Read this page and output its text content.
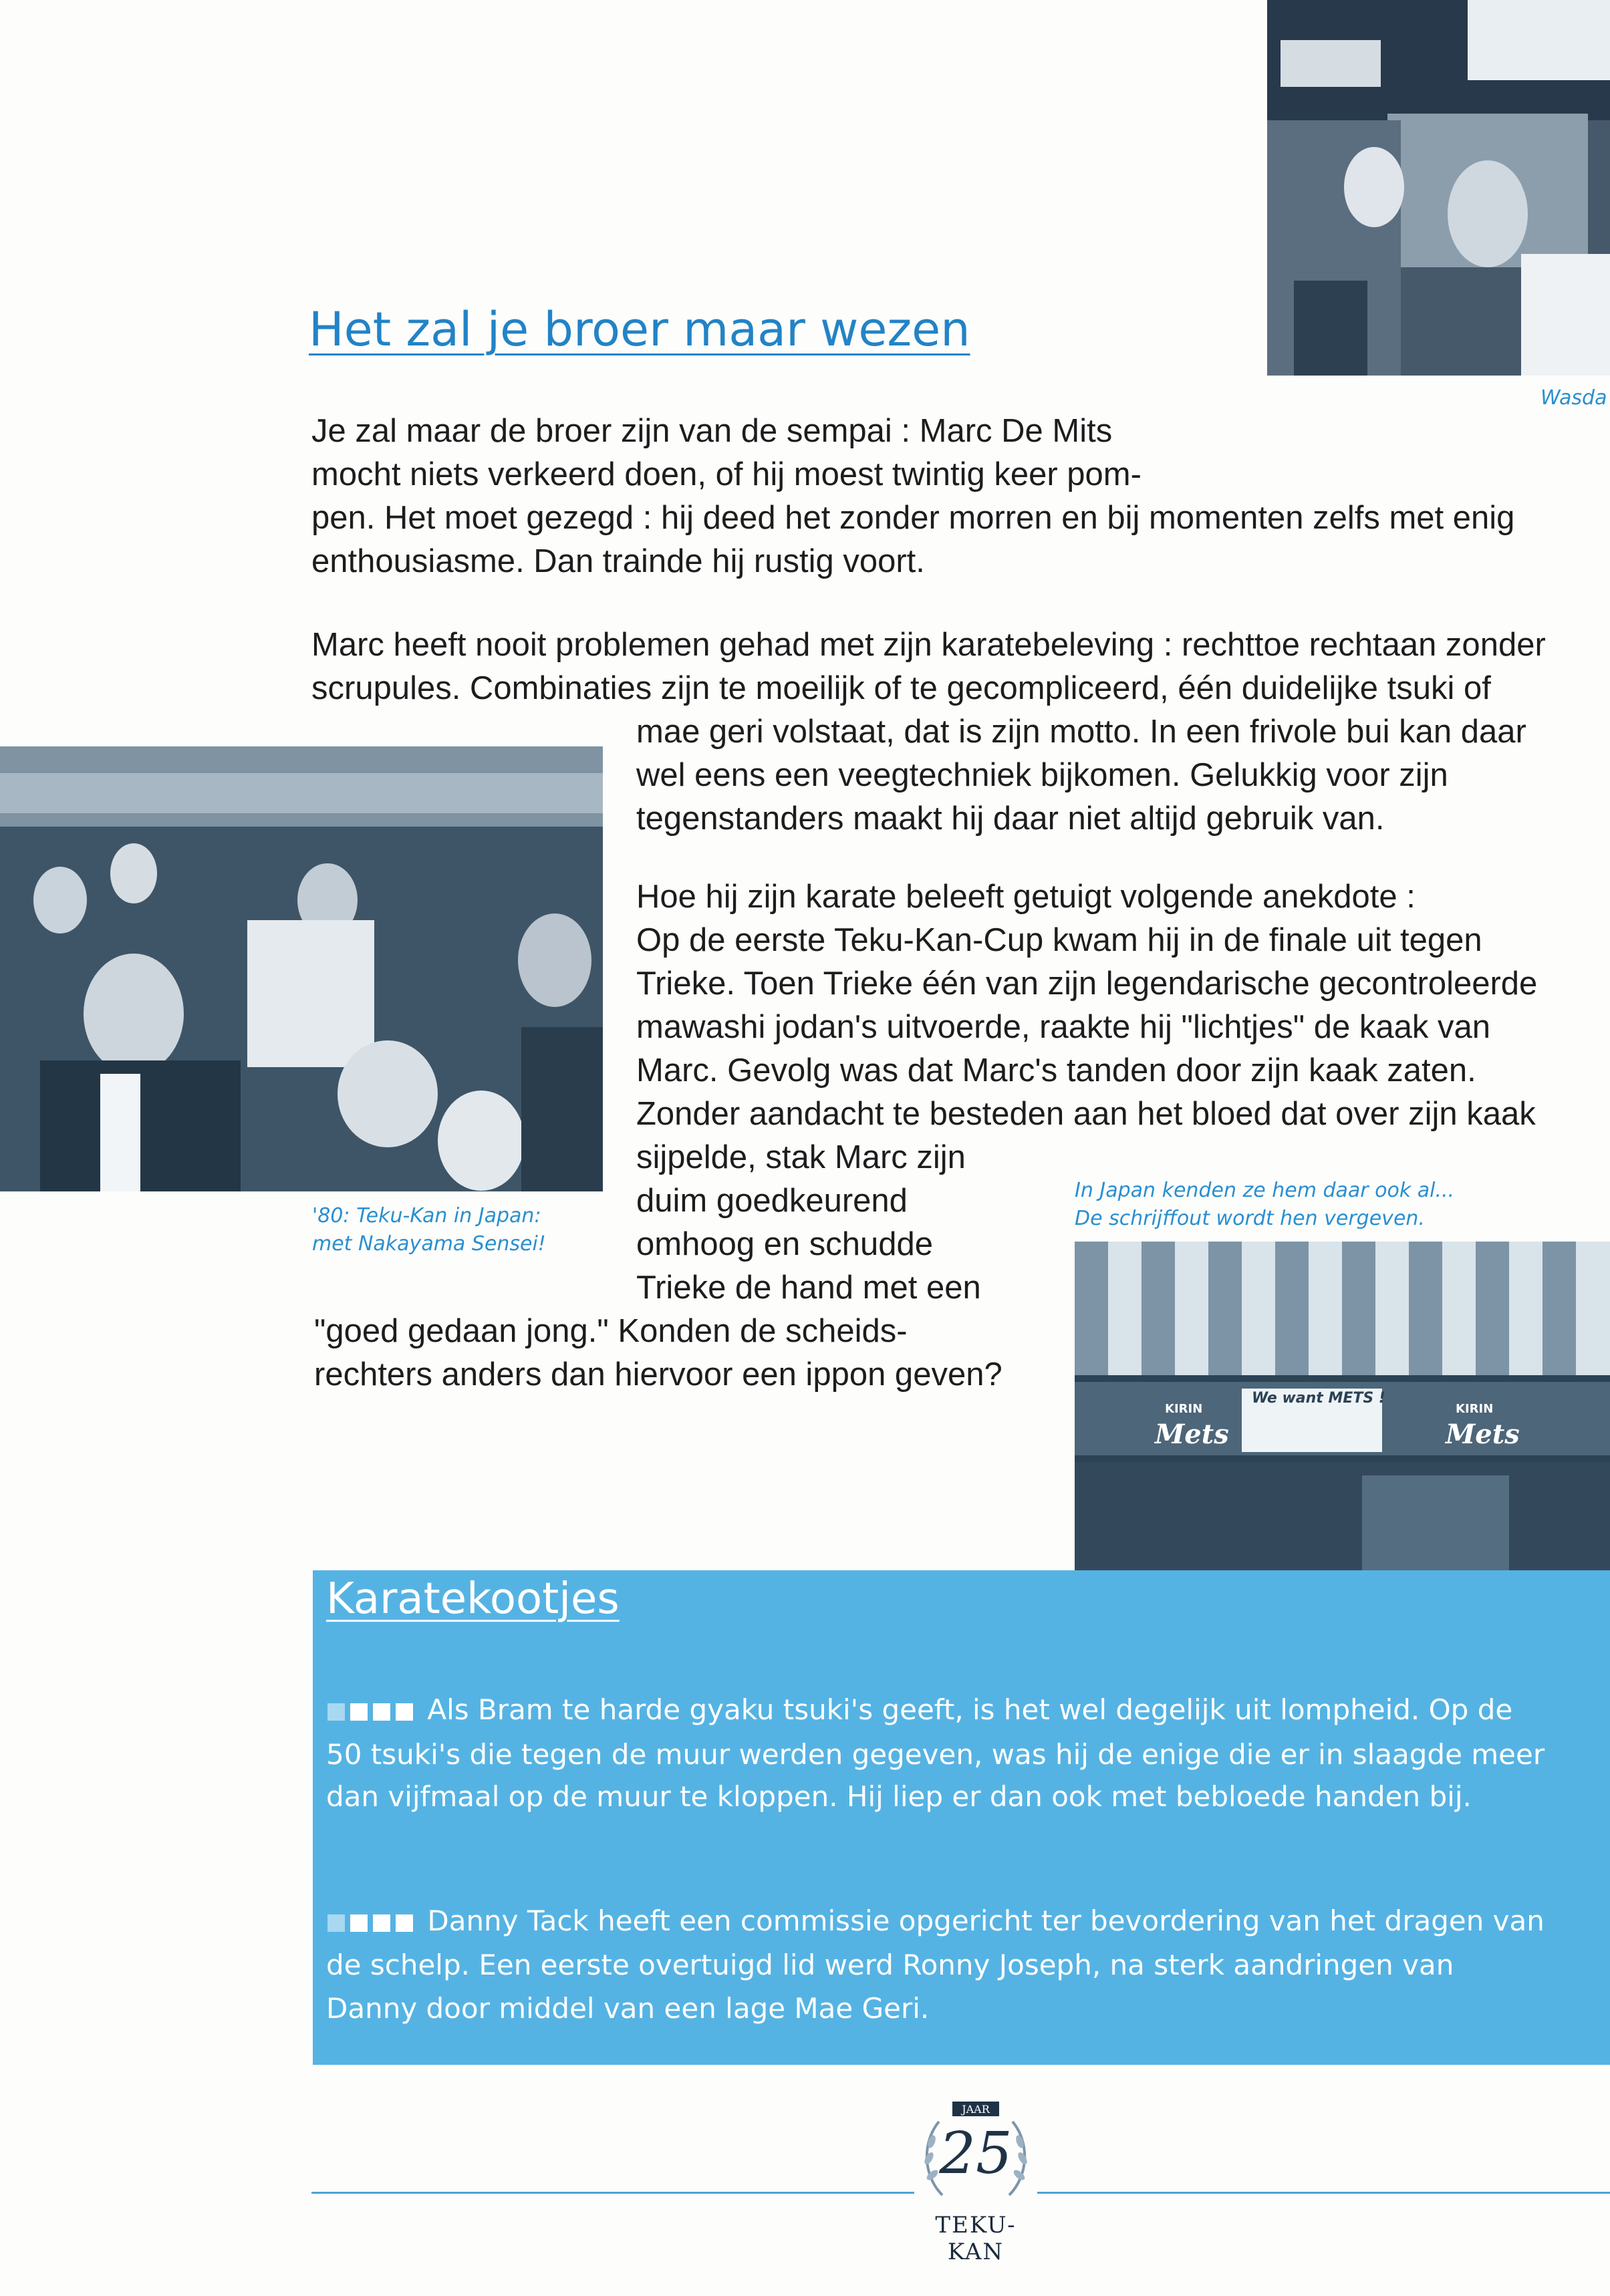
Wasda
Het zal je broer maar wezen

Je zal maar de broer zijn van de sempai : Marc De Mits

mocht niets verkeerd doen, of hij moest twintig keer pom-

pen. Het moet gezegd : hij deed het zonder morren en bij momenten zelfs met enig

enthousiasme. Dan trainde hij rustig voort.

Marc heeft nooit problemen gehad met zijn karatebeleving : rechttoe rechtaan zonder

scrupules. Combinaties zijn te moeilijk of te gecompliceerd, één duidelijke tsuki of

mae geri volstaat, dat is zijn motto. In een frivole bui kan daar

wel eens een veegtechniek bijkomen. Gelukkig voor zijn

tegenstanders maakt hij daar niet altijd gebruik van.

'80: Teku-Kan in Japan:
met Nakayama Sensei!

Hoe hij zijn karate beleeft getuigt volgende anekdote :

Op de eerste Teku-Kan-Cup kwam hij in de finale uit tegen

Trieke. Toen Trieke één van zijn legendarische gecontroleerde

mawashi jodan's uitvoerde, raakte hij "lichtjes" de kaak van

Marc. Gevolg was dat Marc's tanden door zijn kaak zaten.

Zonder aandacht te besteden aan het bloed dat over zijn kaak

sijpelde, stak Marc zijn

duim goedkeurend

omhoog en schudde

Trieke de hand met een

"goed gedaan jong." Konden de scheids-

rechters anders dan hiervoor een ippon geven?

In Japan kenden ze hem daar ook al...
De schrijffout wordt hen vergeven.
We want METS !
KIRIN
Mets
KIRIN
Mets
Karatekootjes

Als Bram te harde gyaku tsuki's geeft, is het wel degelijk uit lompheid. Op de

50 tsuki's die tegen de muur werden gegeven, was hij de enige die er in slaagde meer

dan vijfmaal op de muur te kloppen. Hij liep er dan ook met bebloede handen bij.

Danny Tack heeft een commissie opgericht ter bevordering van het dragen van

de schelp. Een eerste overtuigd lid werd Ronny Joseph, na sterk aandringen van

Danny door middel van een lage Mae Geri.

JAAR
25
TEKU-KAN
